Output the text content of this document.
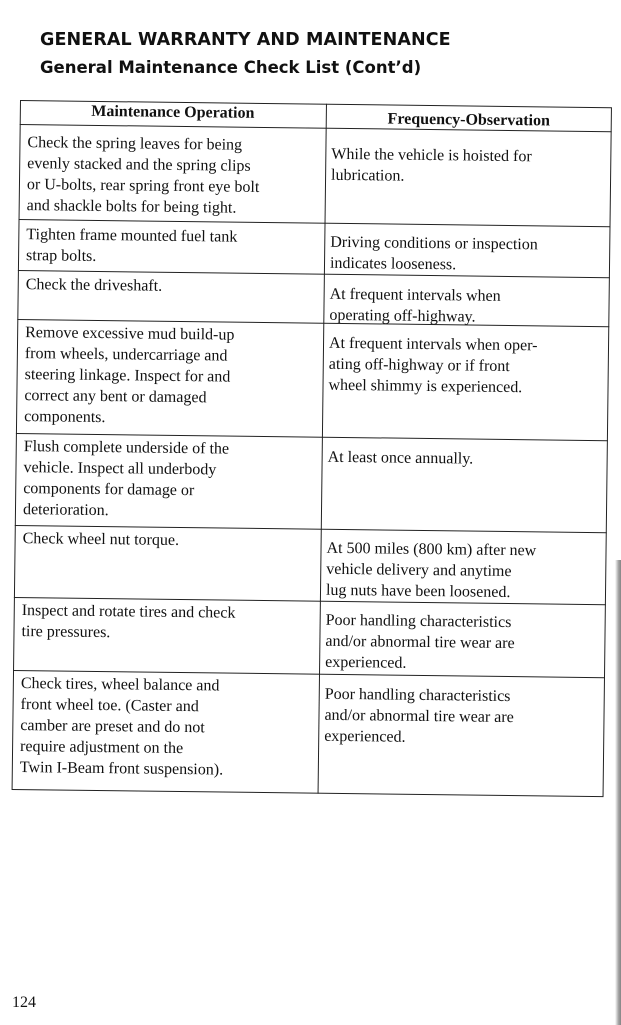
GENERAL WARRANTY AND MAINTENANCE
General Maintenance Check List (Cont’d)
Maintenance Operation	Frequency-Observation
Check the spring leaves for being
evenly stacked and the spring clips
or U-bolts, rear spring front eye bolt
and shackle bolts for being tight.
While the vehicle is hoisted for
lubrication.
Tighten frame mounted fuel tank
strap bolts.
Driving conditions or inspection
indicates looseness.
Check the driveshaft.
At frequent intervals when
operating off-highway.
Remove excessive mud build-up
from wheels, undercarriage and
steering linkage. Inspect for and
correct any bent or damaged
components.
At frequent intervals when oper-
ating off-highway or if front
wheel shimmy is experienced.
Flush complete underside of the
vehicle. Inspect all underbody
components for damage or
deterioration.
At least once annually.
Check wheel nut torque.
At 500 miles (800 km) after new
vehicle delivery and anytime
lug nuts have been loosened.
Inspect and rotate tires and check
tire pressures.
Poor handling characteristics
and/or abnormal tire wear are
experienced.
Check tires, wheel balance and
front wheel toe. (Caster and
camber are preset and do not
require adjustment on the
Twin I-Beam front suspension).
Poor handling characteristics
and/or abnormal tire wear are
experienced.
124
